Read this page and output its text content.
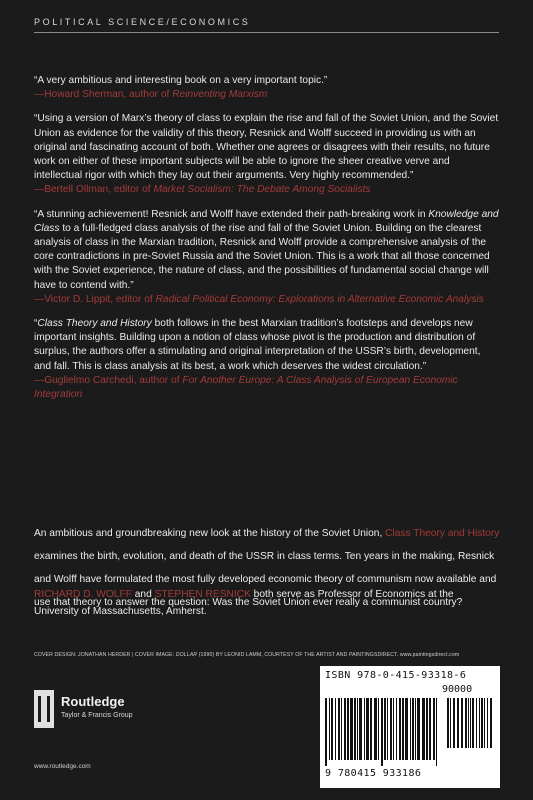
POLITICAL SCIENCE/ECONOMICS

“A very ambitious and interesting book on a very important topic.”

—Howard Sherman, author of Reinventing Marxism

“Using a version of Marx’s theory of class to explain the rise and fall of the Soviet Union, and the Soviet Union as evidence for the validity of this theory, Resnick and Wolff succeed in providing us with an original and fascinating account of both. Whether one agrees or disagrees with their results, no future work on either of these important subjects will be able to ignore the sheer creative verve and intellectual rigor with which they lay out their arguments. Very highly recommended.”

—Bertell Ollman, editor of Market Socialism: The Debate Among Socialists

“A stunning achievement! Resnick and Wolff have extended their path-breaking work in Knowledge and Class to a full-fledged class analysis of the rise and fall of the Soviet Union. Building on the clearest analysis of class in the Marxian tradition, Resnick and Wolff provide a comprehensive analysis of the core contradictions in pre-Soviet Russia and the Soviet Union. This is a work that all those concerned with the Soviet experience, the nature of class, and the possibilities of fundamental social change will have to contend with.”

—Victor D. Lippit, editor of Radical Political Economy: Explorations in Alternative Economic Analysis

“Class Theory and History both follows in the best Marxian tradition’s footsteps and develops new important insights. Building upon a notion of class whose pivot is the production and distribution of surplus, the authors offer a stimulating and original interpretation of the USSR’s birth, development, and fall. This is class analysis at its best, a work which deserves the widest circulation.”

—Guglielmo Carchedi, author of For Another Europe: A Class Analysis of European Economic Integration

An ambitious and groundbreaking new look at the history of the Soviet Union, Class Theory and History examines the birth, evolution, and death of the USSR in class terms. Ten years in the making, Resnick and Wolff have formulated the most fully developed economic theory of communism now available and use that theory to answer the question: Was the Soviet Union ever really a communist country?

RICHARD D. WOLFF and STEPHEN RESNICK both serve as Professor of Economics at the University of Massachusetts, Amherst.

COVER DESIGN: JONATHAN HERDER | COVER IMAGE: DOLLAR (1990) BY LEONID LAMM, COURTESY OF THE ARTIST AND PAINTINGSDIRECT. www.paintingsdirect.com
Routledge
Taylor & Francis Group
www.routledge.com
ISBN 978-0-415-93318-6
90000
9 780415 933186
